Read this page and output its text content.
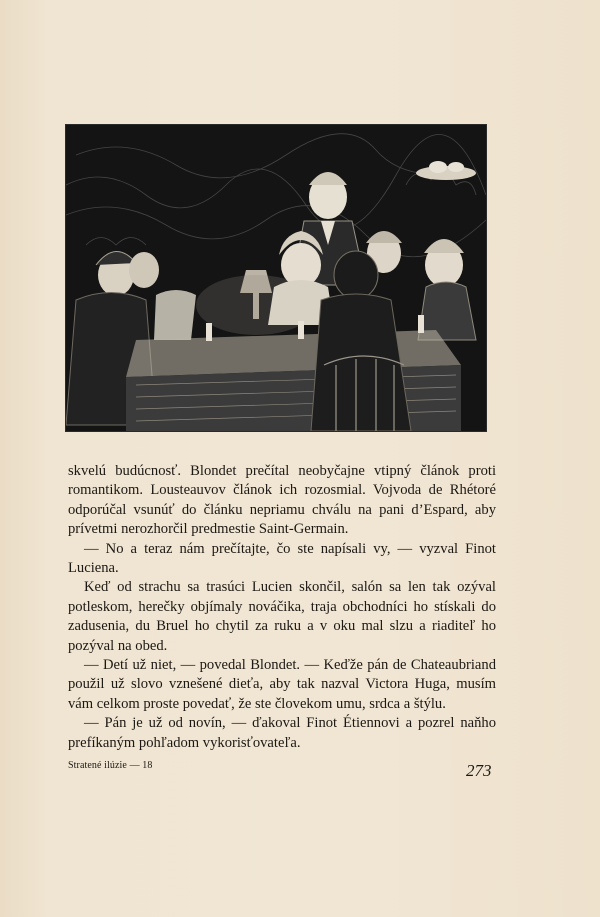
skvelú budúcnosť. Blondet prečítal neobyčajne vtipný článok proti romantikom. Lousteauvov článok ich rozosmial. Vojvoda de Rhétoré odporúčal vsunúť do článku nepriamu chválu na pani d’Espard, aby prívetmi nerozhorčil predmestie Saint-Germain.

— No a teraz nám prečítajte, čo ste napísali vy, — vyzval Finot Luciena.

Keď od strachu sa trasúci Lucien skončil, salón sa len tak ozýval potleskom, herečky objímaly nováčika, traja obchodníci ho stískali do zadusenia, du Bruel ho chytil za ruku a v oku mal slzu a riaditeľ ho pozýval na obed.

— Detí už niet, — povedal Blondet. — Keďže pán de Chateaubriand použil už slovo vznešené dieťa, aby tak nazval Victora Huga, musím vám celkom proste povedať, že ste človekom umu, srdca a štýlu.

— Pán je už od novín, — ďakoval Finot Étiennovi a pozrel naňho prefíkaným pohľadom vykorisťovateľa.

Stratené ilúzie — 18	273
